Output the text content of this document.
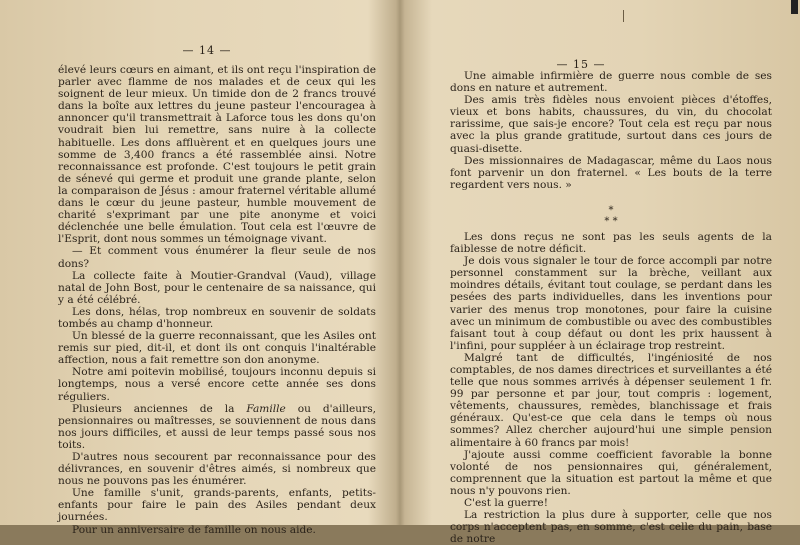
— 14 —

élevé leurs cœurs en aimant, et ils ont reçu l'inspiration de parler avec flamme de nos malades et de ceux qui les soignent de leur mieux. Un timide don de 2 francs trouvé dans la boîte aux lettres du jeune pasteur l'encouragea à annoncer qu'il transmettrait à Laforce tous les dons qu'on voudrait bien lui remettre, sans nuire à la collecte habituelle. Les dons affluèrent et en quelques jours une somme de 3,400 francs a été rassemblée ainsi. Notre reconnaissance est profonde. C'est toujours le petit grain de sénevé qui germe et produit une grande plante, selon la comparaison de Jésus : amour fraternel véritable allumé dans le cœur du jeune pasteur, humble mouvement de charité s'exprimant par une pite anonyme et voici déclenchée une belle émulation. Tout cela est l'œuvre de l'Esprit, dont nous sommes un témoignage vivant.

— Et comment vous énumérer la fleur seule de nos dons?

La collecte faite à Moutier-Grandval (Vaud), village natal de John Bost, pour le centenaire de sa naissance, qui y a été célébré.

Les dons, hélas, trop nombreux en souvenir de soldats tombés au champ d'honneur.

Un blessé de la guerre reconnaissant, que les Asiles ont remis sur pied, dit-il, et dont ils ont conquis l'inaltérable affection, nous a fait remettre son don anonyme.

Notre ami poitevin mobilisé, toujours inconnu depuis si longtemps, nous a versé encore cette année ses dons réguliers.

Plusieurs anciennes de la Famille ou d'ailleurs, pensionnaires ou maîtresses, se souviennent de nous dans nos jours difficiles, et aussi de leur temps passé sous nos toits.

D'autres nous secourent par reconnaissance pour des délivrances, en souvenir d'êtres aimés, si nombreux que nous ne pouvons pas les énumérer.

Une famille s'unit, grands-parents, enfants, petits-enfants pour faire le pain des Asiles pendant deux journées.

Pour un anniversaire de famille on nous aide.

— 15 —

Une aimable infirmière de guerre nous comble de ses dons en nature et autrement.

Des amis très fidèles nous envoient pièces d'étoffes, vieux et bons habits, chaussures, du vin, du chocolat rarissime, que sais-je encore? Tout cela est reçu par nous avec la plus grande gratitude, surtout dans ces jours de quasi-disette.

Des missionnaires de Madagascar, même du Laos nous font parvenir un don fraternel. « Les bouts de la terre regardent vers nous. »

*
* *

Les dons reçus ne sont pas les seuls agents de la faiblesse de notre déficit.

Je dois vous signaler le tour de force accompli par notre personnel constamment sur la brèche, veillant aux moindres détails, évitant tout coulage, se perdant dans les pesées des parts individuelles, dans les inventions pour varier des menus trop monotones, pour faire la cuisine avec un minimum de combustible ou avec des combustibles faisant tout à coup défaut ou dont les prix haussent à l'infini, pour suppléer à un éclairage trop restreint.

Malgré tant de difficultés, l'ingéniosité de nos comptables, de nos dames directrices et surveillantes a été telle que nous sommes arrivés à dépenser seulement 1 fr. 99 par personne et par jour, tout compris : logement, vêtements, chaussures, remèdes, blanchissage et frais généraux. Qu'est-ce que cela dans le temps où nous sommes? Allez chercher aujourd'hui une simple pension alimentaire à 60 francs par mois!

J'ajoute aussi comme coefficient favorable la bonne volonté de nos pensionnaires qui, généralement, comprennent que la situation est partout la même et que nous n'y pouvons rien.

C'est la guerre!

La restriction la plus dure à supporter, celle que nos corps n'acceptent pas, en somme, c'est celle du pain, base de notre
